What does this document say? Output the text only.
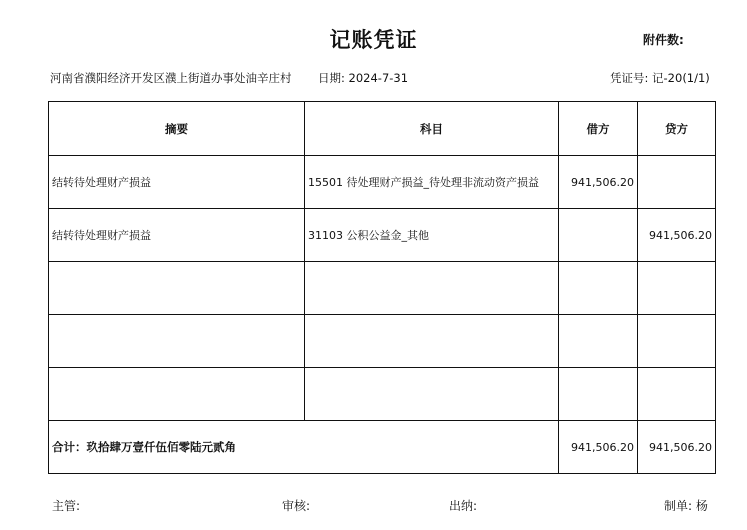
记账凭证	附件数:
河南省濮阳经济开发区濮上街道办事处油辛庄村 日期: 2024-7-31	凭证号: 记-20(1/1)
摘要	科目	借方	贷方
结转待处理财产损益	15501 待处理财产损益_待处理非流动资产损益	941,506.20	
结转待处理财产损益	31103 公积公益金_其他		941,506.20

合计：玖拾肆万壹仟伍佰零陆元贰角		941,506.20	941,506.20
主管:	审核:	出纳:	制单: 杨
